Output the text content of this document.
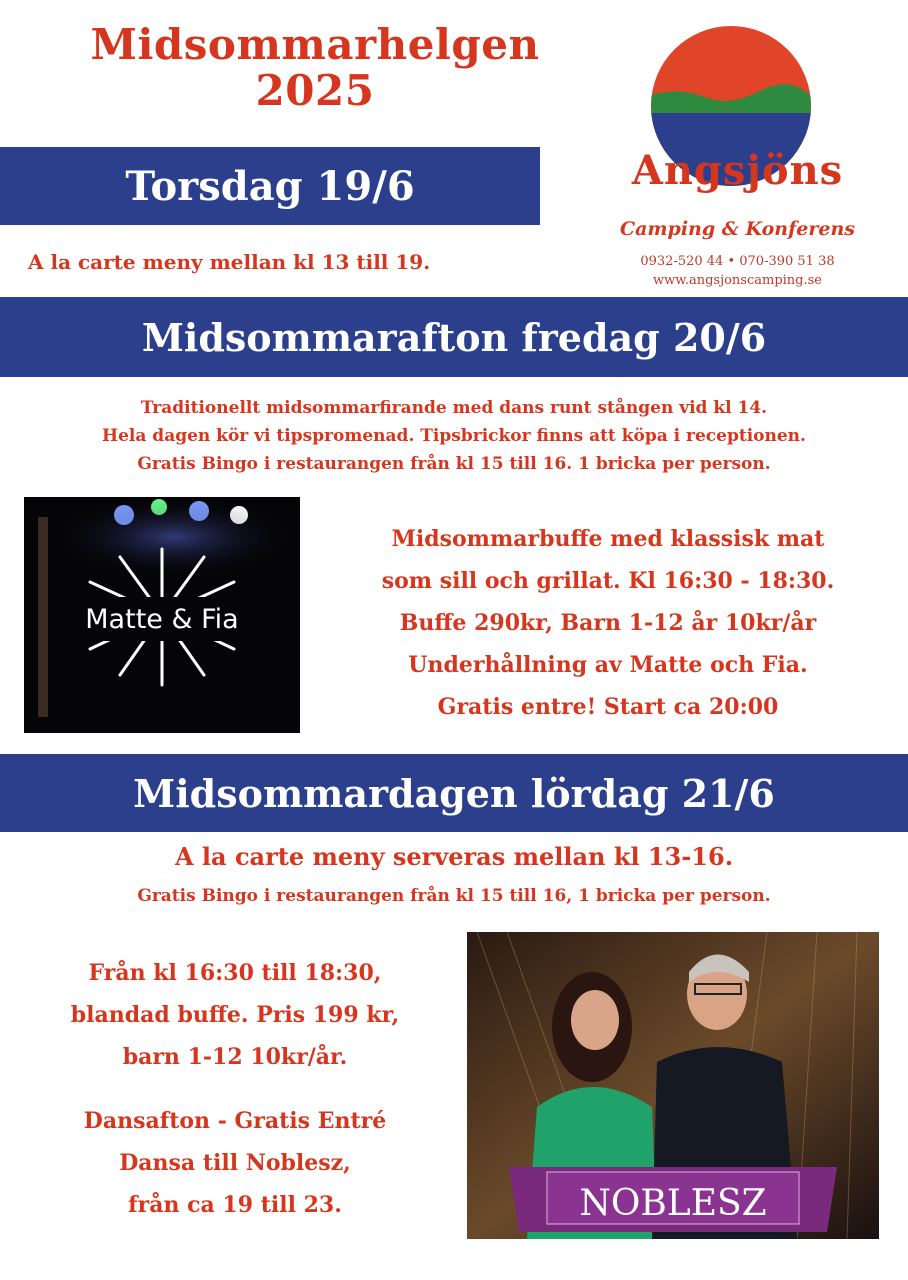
Midsommarhelgen
2025
Torsdag 19/6
A la carte meny mellan kl 13 till 19.
Angsjöns
Camping & Konferens
0932-520 44 • 070-390 51 38
www.angsjonscamping.se
Midsommarafton fredag 20/6
Traditionellt midsommarfirande med dans runt stången vid kl 14.
Hela dagen kör vi tipspromenad. Tipsbrickor finns att köpa i receptionen.
Gratis Bingo i restaurangen från kl 15 till 16. 1 bricka per person.
Matte & Fia
Midsommarbuffe med klassisk mat
som sill och grillat. Kl 16:30 - 18:30.
Buffe 290kr, Barn 1-12 år 10kr/år
Underhållning av Matte och Fia.
Gratis entre! Start ca 20:00
Midsommardagen lördag 21/6
A la carte meny serveras mellan kl 13-16.
Gratis Bingo i restaurangen från kl 15 till 16, 1 bricka per person.
Från kl 16:30 till 18:30,
blandad buffe. Pris 199 kr,
barn 1-12 10kr/år.
Dansafton - Gratis Entré
Dansa till Noblesz,
från ca 19 till 23.	NOBLESZ
